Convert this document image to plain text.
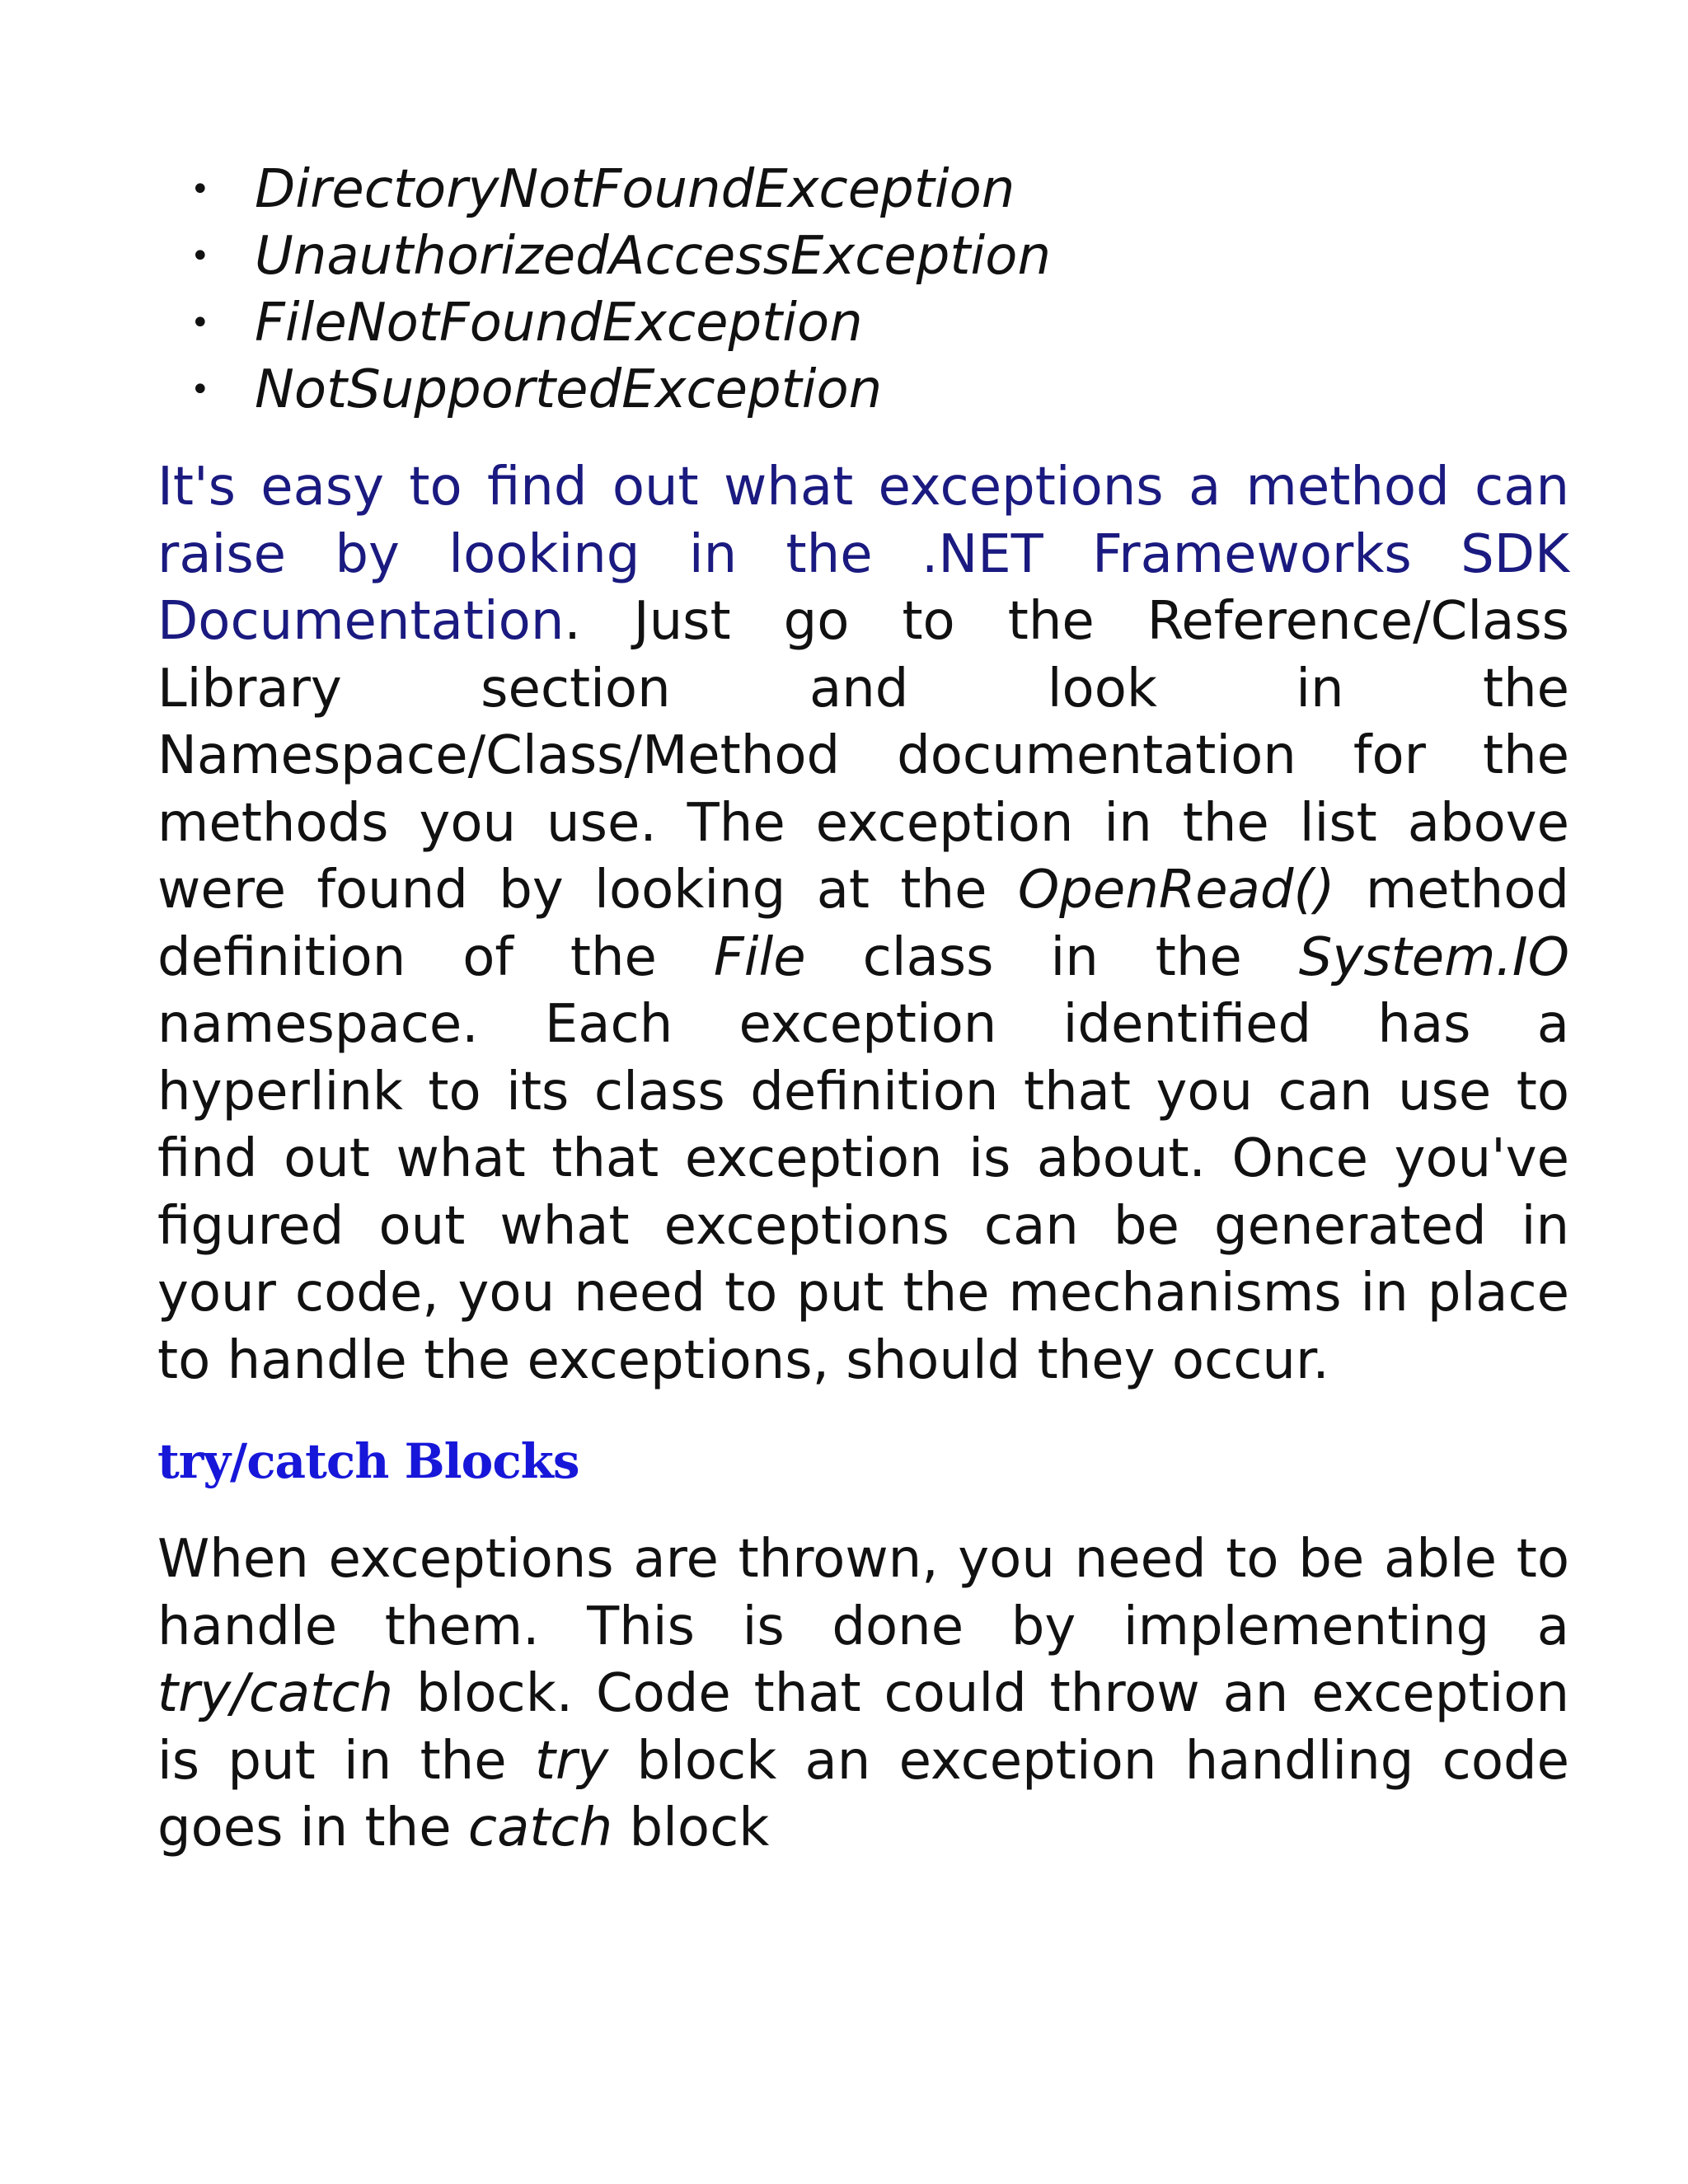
• DirectoryNotFoundException
• UnauthorizedAccessException
• FileNotFoundException
• NotSupportedException

It's easy to find out what exceptions a method can raise by looking in the .NET Frameworks SDK Documentation. Just go to the Reference/Class Library section and look in the Namespace/Class/Method documentation for the methods you use. The exception in the list above were found by looking at the OpenRead() method definition of the File class in the System.IO namespace. Each exception identified has a hyperlink to its class definition that you can use to find out what that exception is about. Once you've figured out what exceptions can be generated in your code, you need to put the mechanisms in place to handle the exceptions, should they occur.

try/catch Blocks

When exceptions are thrown, you need to be able to handle them. This is done by implementing a try/catch block. Code that could throw an exception is put in the try block an exception handling code goes in the catch block
